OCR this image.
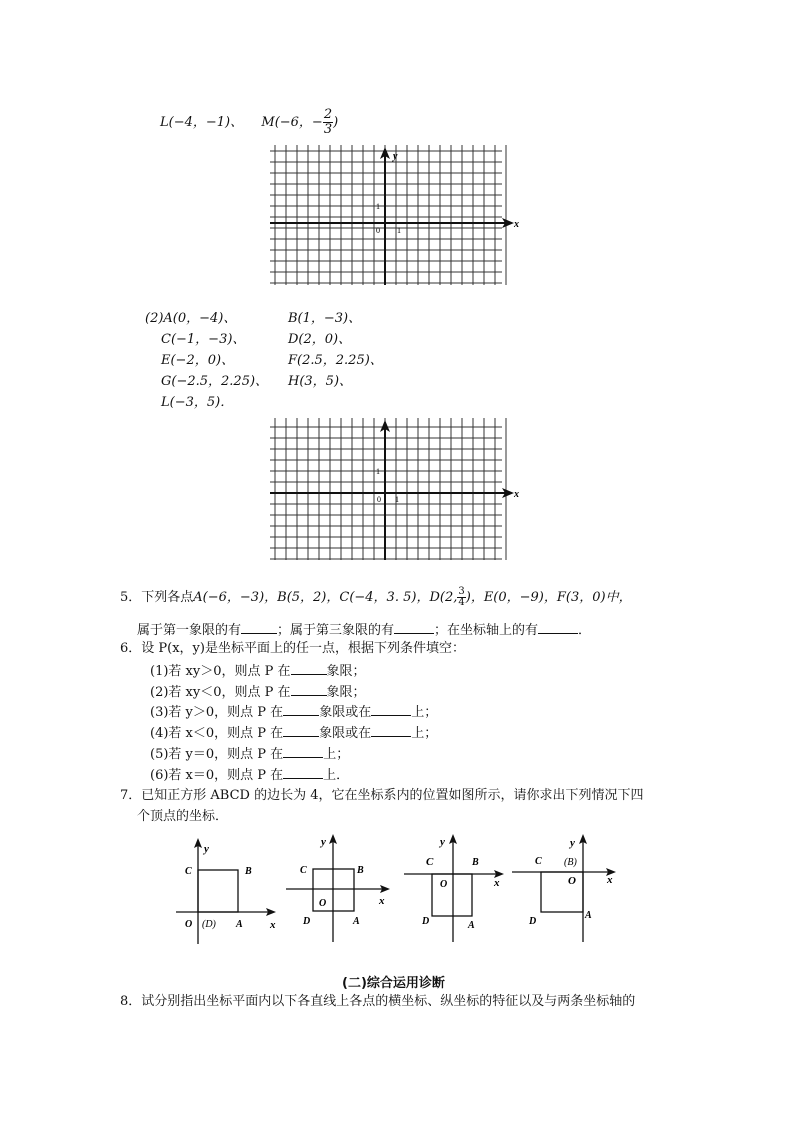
L(−4，−1)、 M(−6，− $\frac{2}{3}$ )
y
x
1
0 1
(2)A(0，−4)、	B(1，−3)、
C(−1，−3)、	D(2，0)、
E(−2，0)、	F(2.5，2.25)、
G(−2.5，2.25)、 H(3，5)、
L(−3，5)．
x
1
0 1
5．下列各点A(−6，−3)，B(5，2)，C(−4，3. 5)，D(2, $\frac{3}{4}$ )，E(0，−9)，F(3，0)中，
属于第一象限的有	；属于第三象限的有	；在坐标轴上的有	．
6．设 P(x，y)是坐标平面上的任一点，根据下列条件填空：
(1)若 xy＞0，则点 P 在	象限；
(2)若 xy＜0，则点 P 在	象限；
(3)若 y＞0，则点 P 在	象限或在	上；
(4)若 x＜0，则点 P 在	象限或在	上；
(5)若 y＝0，则点 P 在	上；
(6)若 x＝0，则点 P 在	上．
7．已知正方形 ABCD 的边长为 4，它在坐标系内的位置如图所示，请你求出下列情况下四
个顶点的坐标．
y
x
C	B
O (D) A
y
x
C	B
O
D	A
y
x
C	B
O
D	A
y
x
C (B)
O
D
A
(二)综合运用诊断
8．试分别指出坐标平面内以下各直线上各点的横坐标、纵坐标的特征以及与两条坐标轴的
